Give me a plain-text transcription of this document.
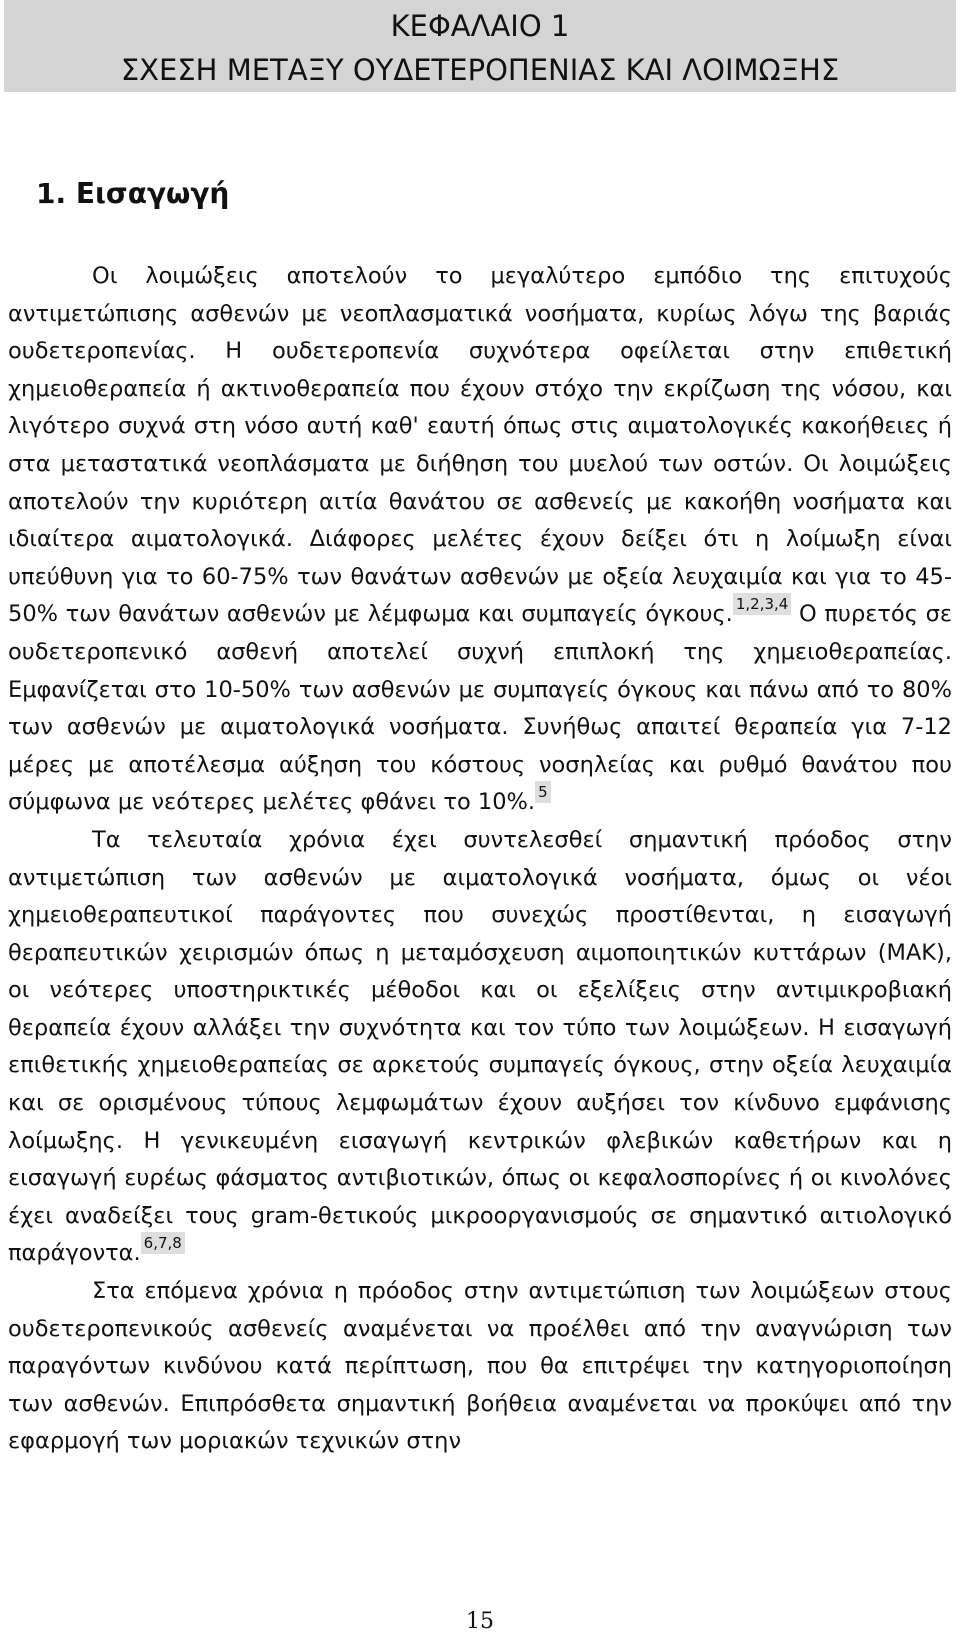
ΚΕΦΑΛΑΙΟ 1
ΣΧΕΣΗ ΜΕΤΑΞΥ ΟΥΔΕΤΕΡΟΠΕΝΙΑΣ ΚΑΙ ΛΟΙΜΩΞΗΣ
1. Εισαγωγή

Οι λοιμώξεις αποτελούν το μεγαλύτερο εμπόδιο της επιτυχούς αντιμετώπισης ασθενών με νεοπλασματικά νοσήματα, κυρίως λόγω της βαριάς ουδετεροπενίας. Η ουδετεροπενία συχνότερα οφείλεται στην επιθετική χημειοθεραπεία ή ακτινοθεραπεία που έχουν στόχο την εκρίζωση της νόσου, και λιγότερο συχνά στη νόσο αυτή καθ' εαυτή όπως στις αιματολογικές κακοήθειες ή στα μεταστατικά νεοπλάσματα με διήθηση του μυελού των οστών. Οι λοιμώξεις αποτελούν την κυριότερη αιτία θανάτου σε ασθενείς με κακοήθη νοσήματα και ιδιαίτερα αιματολογικά. Διάφορες μελέτες έχουν δείξει ότι η λοίμωξη είναι υπεύθυνη για το 60-75% των θανάτων ασθενών με οξεία λευχαιμία και για το 45-50% των θανάτων ασθενών με λέμφωμα και συμπαγείς όγκους. $^{1,2,3,4}$ Ο πυρετός σε ουδετεροπενικό ασθενή αποτελεί συχνή επιπλοκή της χημειοθεραπείας. Εμφανίζεται στο 10-50% των ασθενών με συμπαγείς όγκους και πάνω από το 80% των ασθενών με αιματολογικά νοσήματα. Συνήθως απαιτεί θεραπεία για 7-12 μέρες με αποτέλεσμα αύξηση του κόστους νοσηλείας και ρυθμό θανάτου που σύμφωνα με νεότερες μελέτες φθάνει το 10%. $^5$

Τα τελευταία χρόνια έχει συντελεσθεί σημαντική πρόοδος στην αντιμετώπιση των ασθενών με αιματολογικά νοσήματα, όμως οι νέοι χημειοθεραπευτικοί παράγοντες που συνεχώς προστίθενται, η εισαγωγή θεραπευτικών χειρισμών όπως η μεταμόσχευση αιμοποιητικών κυττάρων (ΜΑΚ), οι νεότερες υποστηρικτικές μέθοδοι και οι εξελίξεις στην αντιμικροβιακή θεραπεία έχουν αλλάξει την συχνότητα και τον τύπο των λοιμώξεων. Η εισαγωγή επιθετικής χημειοθεραπείας σε αρκετούς συμπαγείς όγκους, στην οξεία λευχαιμία και σε ορισμένους τύπους λεμφωμάτων έχουν αυξήσει τον κίνδυνο εμφάνισης λοίμωξης. Η γενικευμένη εισαγωγή κεντρικών φλεβικών καθετήρων και η εισαγωγή ευρέως φάσματος αντιβιοτικών, όπως οι κεφαλοσπορίνες ή οι κινολόνες έχει αναδείξει τους gram-θετικούς μικροοργανισμούς σε σημαντικό αιτιολογικό παράγοντα. $^{6,7,8}$

Στα επόμενα χρόνια η πρόοδος στην αντιμετώπιση των λοιμώξεων στους ουδετεροπενικούς ασθενείς αναμένεται να προέλθει από την αναγνώριση των παραγόντων κινδύνου κατά περίπτωση, που θα επιτρέψει την κατηγοριοποίηση των ασθενών. Επιπρόσθετα σημαντική βοήθεια αναμένεται να προκύψει από την εφαρμογή των μοριακών τεχνικών στην

15
